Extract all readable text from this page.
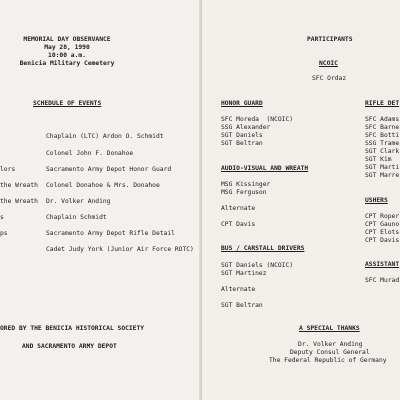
MEMORIAL DAY OBSERVANCE
May 28, 1990
10:00 a.m.
Benicia Military Cemetery
SCHEDULE OF EVENTS
Chaplain (LTC) Ardon O. Schmidt
Colonel John F. Donahoe
lors	Sacramento Army Depot Honor Guard
the Wreath Colonel Donahoe & Mrs. Donahoe
the Wreath Dr. Volker Anding
s	Chaplain Schmidt
ps	Sacramento Army Depot Rifle Detail
Cadet Judy York (Junior Air Force ROTC)
ORED BY THE BENICIA HISTORICAL SOCIETY
AND SACRAMENTO ARMY DEPOT
PARTICIPANTS
NCOIC
SFC Ordaz
HONOR GUARD
SFC Moreda  (NCOIC)
SSG Alexander
SGT Daniels
SGT Beltran
AUDIO-VISUAL AND WREATH
MSG Kissinger
MSG Ferguson
Alternate
CPT Davis
BUS / CARSTALL DRIVERS
SGT Daniels (NCOIC)
SGT Martinez
Alternate
SGT Beltran
RIFLE DET
SFC Adams
SFC Barne
SFC Botti
SSG Trame
SGT Clark
SGT Kim
SGT Marti
SGT Marre
USHERS
CPT Roper
CPT Gauno
CPT Elots
CPT Davis
ASSISTANT
SFC Murad
A SPECIAL THANKS
Dr. Volker Anding
Deputy Consul General
The Federal Republic of Germany
